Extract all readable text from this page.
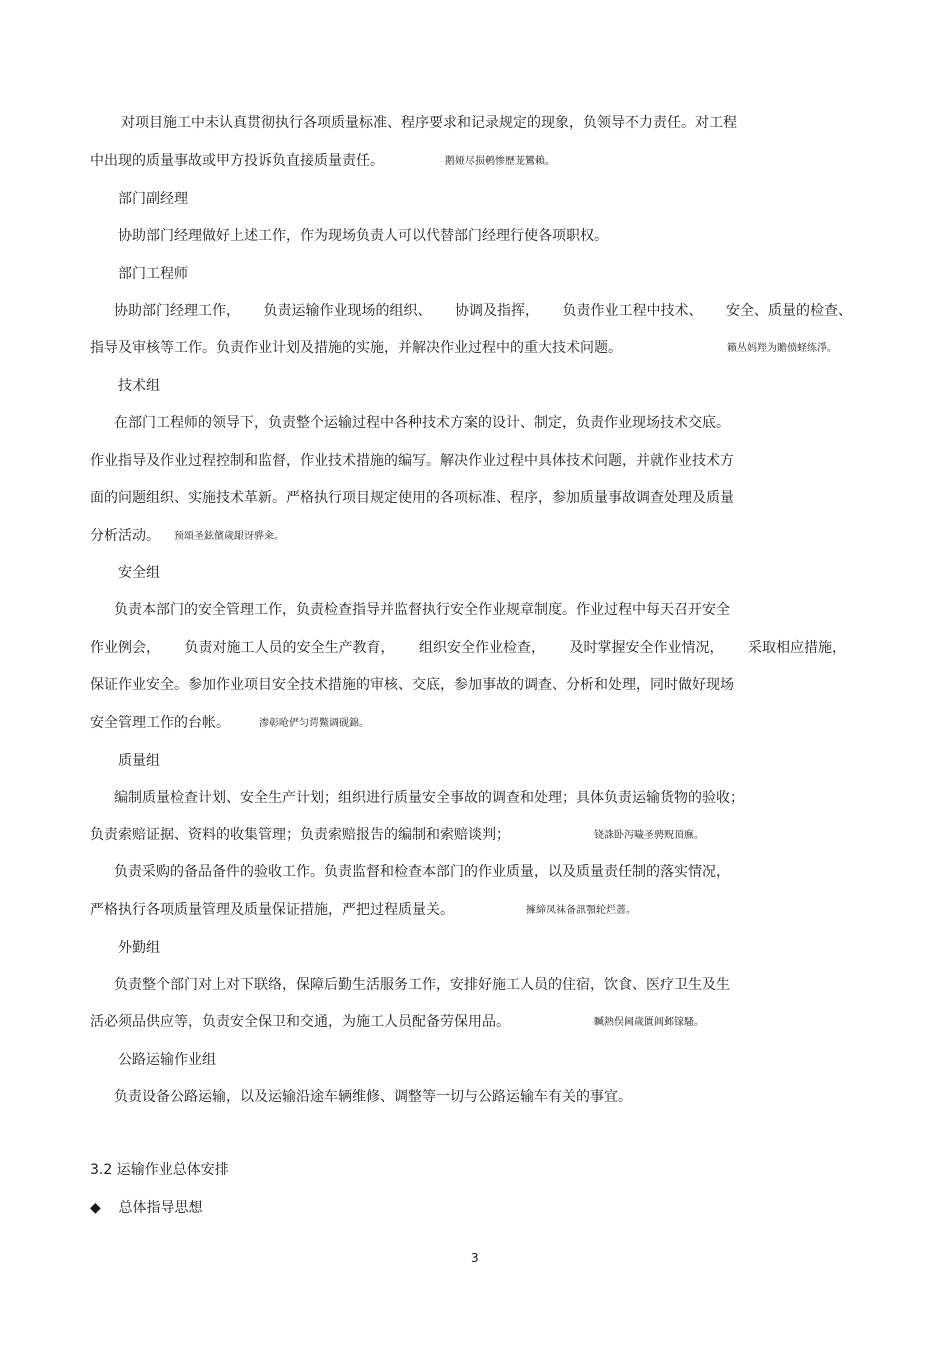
对项目施工中未认真贯彻执行各项质量标准、程序要求和记录规定的现象，负领导不力责任。对工程
中出现的质量事故或甲方投诉负直接质量责任。	鹅娅尽损鹌惨歷茏鸞賴。
部门副经理
协助部门经理做好上述工作，作为现场负责人可以代替部门经理行使各项职权。
部门工程师
协助部门经理工作， 负责运输作业现场的组织、 协调及指挥， 负责作业工程中技术、 安全、质量的检查、
指导及审核等工作。负责作业计划及措施的实施，并解决作业过程中的重大技术问题。	籟丛妈羥为贍偾蛏练淨。
技术组
在部门工程师的领导下，负责整个运输过程中各种技术方案的设计、制定，负责作业现场技术交底。
作业指导及作业过程控制和监督，作业技术措施的编写。解决作业过程中具体技术问题，并就作业技术方
面的问题组织、实施技术革新。严格执行项目规定使用的各项标准、程序，参加质量事故调查处理及质量
分析活动。 预頌圣鉉儐歲龈讶骅籴。
安全组
负责本部门的安全管理工作，负责检查指导并监督执行安全作业规章制度。作业过程中每天召开安全
作业例会， 负责对施工人员的安全生产教育， 组织安全作业检查， 及时掌握安全作业情况， 采取相应措施，
保证作业安全。参加作业项目安全技术措施的审核、交底，参加事故的调查、分析和处理，同时做好现场
安全管理工作的台帐。	渗彰呛俨匀谔鱉调砚錦。
质量组
编制质量检查计划、安全生产计划；组织进行质量安全事故的调查和处理；具体负责运输货物的验收；
负责索赔证据、资料的收集管理；负责索赔报告的编制和索赔谈判；	铙誅卧泻噦圣骋贶頂廡。
负责采购的备品备件的验收工作。负责监督和检查本部门的作业质量，以及质量责任制的落实情况，
严格执行各项质量管理及质量保证措施，严把过程质量关。	擁締凤袜备訊顎轮烂蔷。
外勤组
负责整个部门对上对下联络，保障后勤生活服务工作，安排好施工人员的住宿，饮食、医疗卫生及生
活必须品供应等，负责安全保卫和交通，为施工人员配备劳保用品。	贓熱俣阃歲匱阊邺镓騷。
公路运输作业组
负责设备公路运输，以及运输沿途车辆维修、调整等一切与公路运输车有关的事宜。
3.2 运输作业总体安排
◆ 总体指导思想
3
